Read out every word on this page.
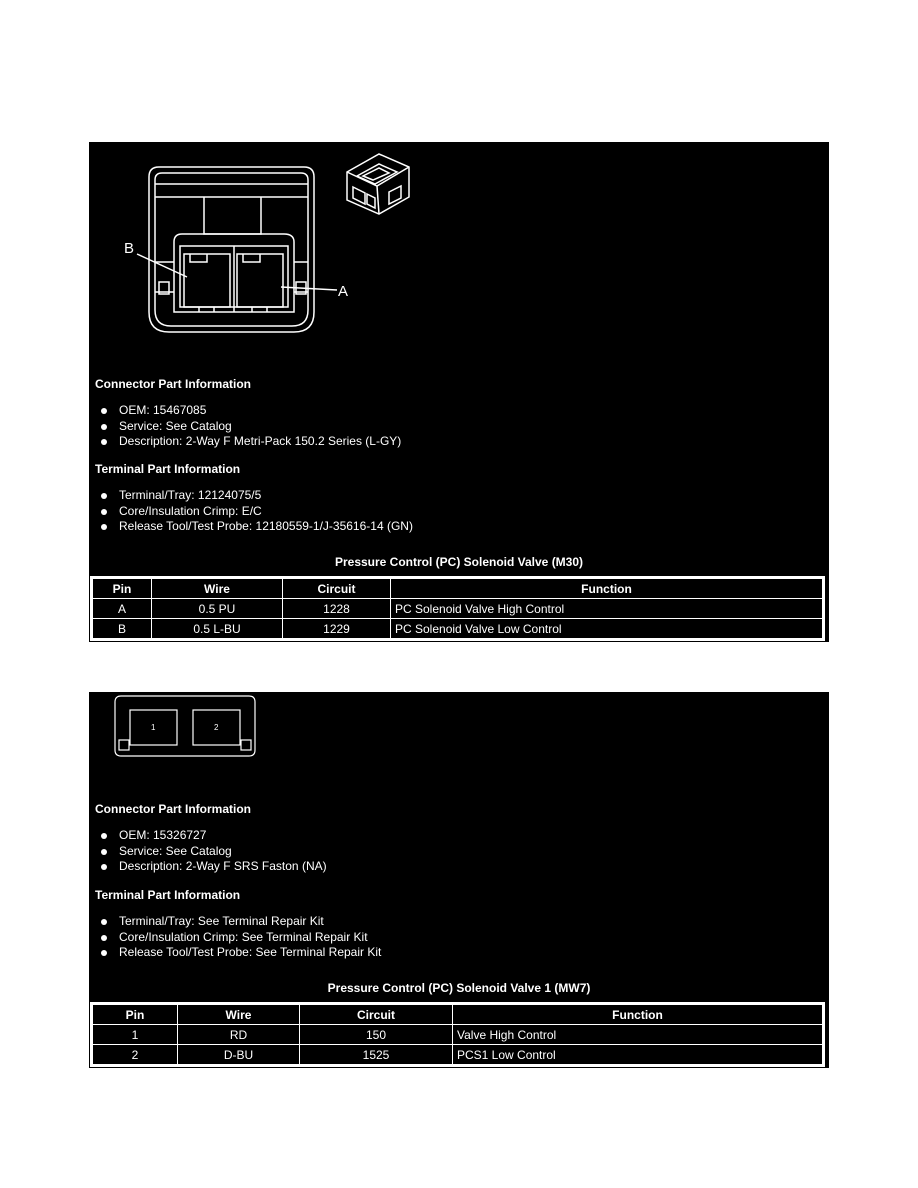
B
A
Connector Part Information
OEM: 15467085
Service: See Catalog
Description: 2-Way F Metri-Pack 150.2 Series (L-GY)
Terminal Part Information
Terminal/Tray: 12124075/5
Core/Insulation Crimp: E/C
Release Tool/Test Probe: 12180559-1/J-35616-14 (GN)
Pressure Control (PC) Solenoid Valve (M30)
Pin	Wire	Circuit	Function
A	0.5 PU	1228	PC Solenoid Valve High Control
B	0.5 L-BU	1229	PC Solenoid Valve Low Control
1	2
Connector Part Information
OEM: 15326727
Service: See Catalog
Description: 2-Way F SRS Faston (NA)
Terminal Part Information
Terminal/Tray: See Terminal Repair Kit
Core/Insulation Crimp: See Terminal Repair Kit
Release Tool/Test Probe: See Terminal Repair Kit
Pressure Control (PC) Solenoid Valve 1 (MW7)
Pin	Wire	Circuit	Function
1	RD	150	Valve High Control
2	D-BU	1525	PCS1 Low Control
